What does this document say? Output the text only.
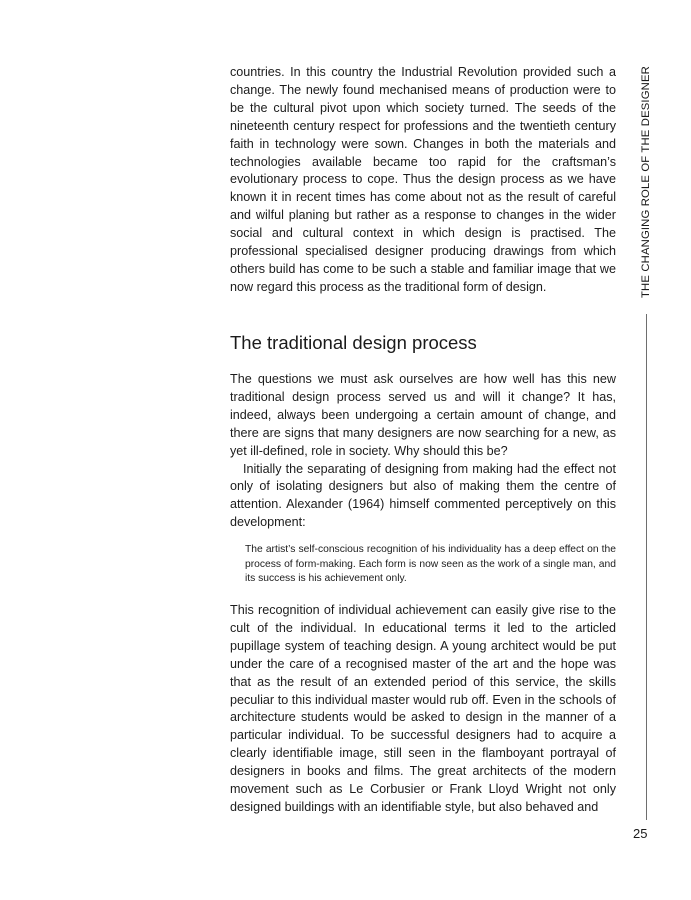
countries. In this country the Industrial Revolution provided such a change. The newly found mechanised means of production were to be the cultural pivot upon which society turned. The seeds of the nineteenth century respect for professions and the twentieth century faith in technology were sown. Changes in both the materials and technologies available became too rapid for the craftsman’s evolutionary process to cope. Thus the design process as we have known it in recent times has come about not as the result of careful and wilful planing but rather as a response to changes in the wider social and cultural context in which design is practised. The professional specialised designer producing drawings from which others build has come to be such a stable and familiar image that we now regard this process as the traditional form of design.

The traditional design process

The questions we must ask ourselves are how well has this new traditional design process served us and will it change? It has, indeed, always been undergoing a certain amount of change, and there are signs that many designers are now searching for a new, as yet ill-defined, role in society. Why should this be?

Initially the separating of designing from making had the effect not only of isolating designers but also of making them the centre of attention. Alexander (1964) himself commented perceptively on this development:

The artist’s self-conscious recognition of his individuality has a deep effect on the process of form-making. Each form is now seen as the work of a single man, and its success is his achievement only.

This recognition of individual achievement can easily give rise to the cult of the individual. In educational terms it led to the articled pupillage system of teaching design. A young architect would be put under the care of a recognised master of the art and the hope was that as the result of an extended period of this service, the skills peculiar to this individual master would rub off. Even in the schools of architecture students would be asked to design in the manner of a particular individual. To be successful designers had to acquire a clearly identifiable image, still seen in the flamboyant portrayal of designers in books and films. The great architects of the modern movement such as Le Corbusier or Frank Lloyd Wright not only designed buildings with an identifiable style, but also behaved and

THE CHANGING ROLE OF THE DESIGNER
25
